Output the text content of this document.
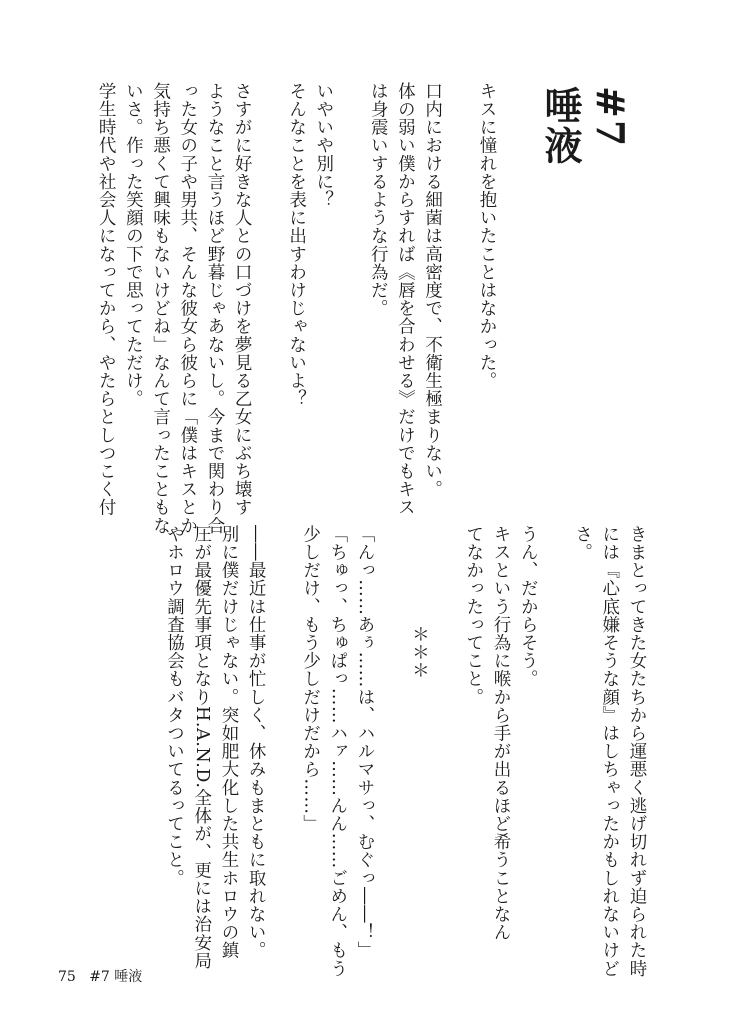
#7
唾液
キスに憧れを抱いたことはなかった。
口内における細菌は高密度で、不衛生極まりない。
体の弱い僕からすれば《唇を合わせる》だけでもキス
は身震いするような行為だ。
いやいや別に？
そんなことを表に出すわけじゃないよ？
さすがに好きな人との口づけを夢見る乙女にぶち壊す
ようなこと言うほど野暮じゃあないし。今まで関わり合
った女の子や男共、そんな彼女ら彼らに「僕はキスとか
気持ち悪くて興味もないけどね」なんて言ったこともな
いさ。作った笑顔の下で思ってただけ。
学生時代や社会人になってから、やたらとしつこく付
きまとってきた女たちから運悪く逃げ切れず迫られた時
には『心底嫌そうな顔』はしちゃったかもしれないけど
さ。
うん、だからそう。
キスという行為に喉から手が出るほど希うことなん
てなかったってこと。
＊＊＊
「んっ……あぅ……は、ハルマサっ、むぐっ――！」
「ちゅっ、ちゅぱっ……ハァ……んん……ごめん、もう
少しだけ、もう少しだけだから……」
――最近は仕事が忙しく、休みもまともに取れない。
別に僕だけじゃない。突如肥大化した共生ホロウの鎮
圧が最優先事項となりH.A.N.D.全体が、更には治安局
やホロウ調査協会もバタついてるってこと。
75 #7 唾液
